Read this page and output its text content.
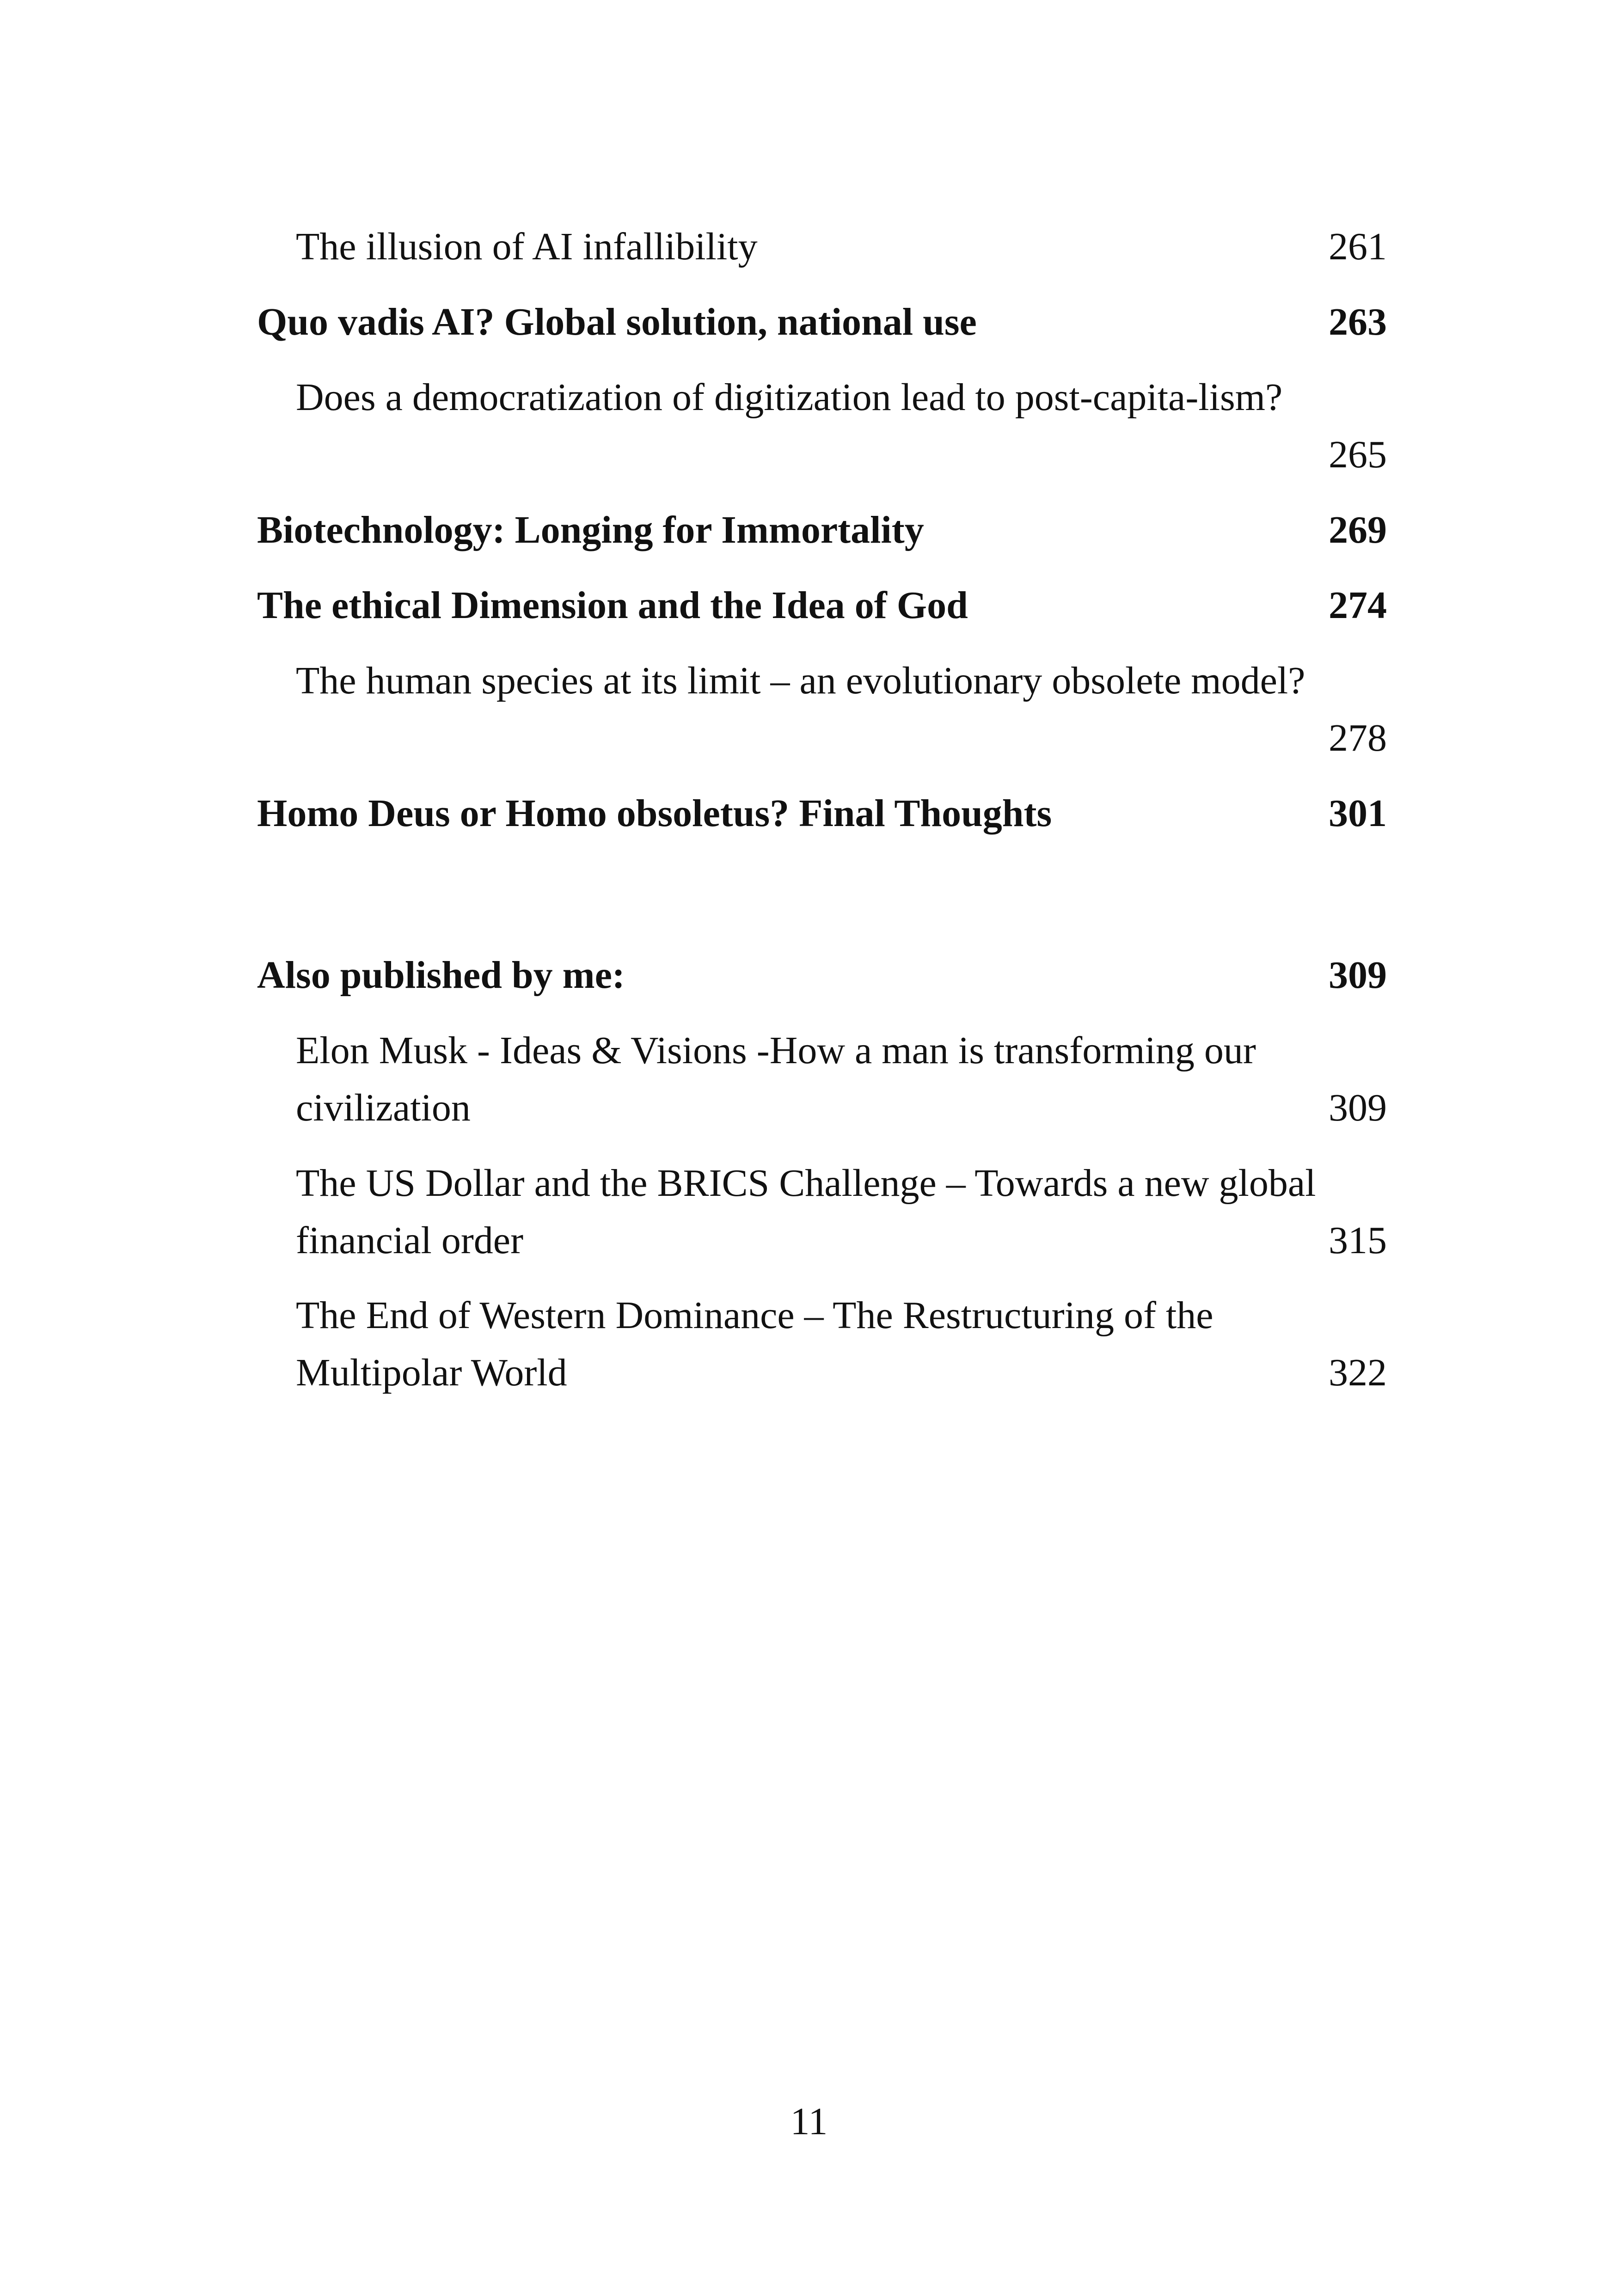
The illusion of AI infallibility	261
Quo vadis AI? Global solution, national use	263
Does a democratization of digitization lead to post-capita-lism?
265
Biotechnology: Longing for Immortality	269
The ethical Dimension and the Idea of God	274
The human species at its limit – an evolutionary obsolete model?
278
Homo Deus or Homo obsoletus? Final Thoughts	301
Also published by me:	309
Elon Musk - Ideas & Visions -How a man is transforming our
civilization	309
The US Dollar and the BRICS Challenge – Towards a new global
financial order	315
The End of Western Dominance – The Restructuring of the
Multipolar World	322
11
